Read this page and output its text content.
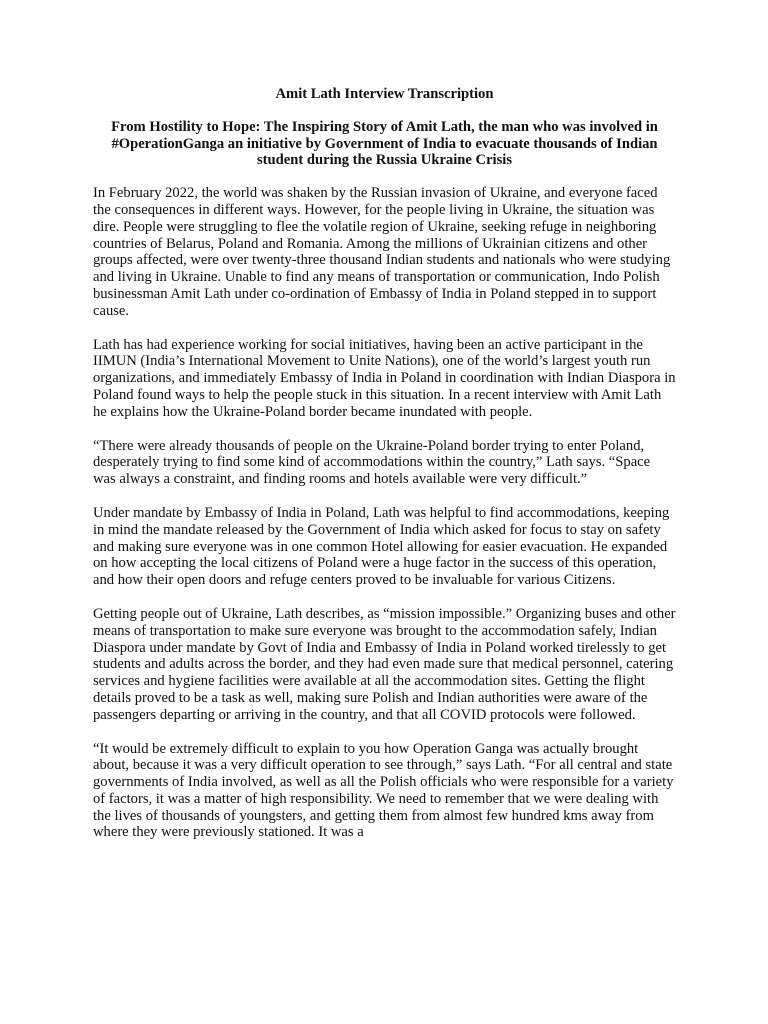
Amit Lath Interview Transcription
From Hostility to Hope: The Inspiring Story of Amit Lath, the man who was involved in #OperationGanga an initiative by Government of India to evacuate thousands of Indian student during the Russia Ukraine Crisis

In February 2022, the world was shaken by the Russian invasion of Ukraine, and everyone faced the consequences in different ways. However, for the people living in Ukraine, the situation was dire. People were struggling to flee the volatile region of Ukraine, seeking refuge in neighboring countries of Belarus, Poland and Romania. Among the millions of Ukrainian citizens and other groups affected, were over twenty-three thousand Indian students and nationals who were studying and living in Ukraine. Unable to find any means of transportation or communication, Indo Polish businessman Amit Lath under co-ordination of Embassy of India in Poland stepped in to support cause.

Lath has had experience working for social initiatives, having been an active participant in the IIMUN (India’s International Movement to Unite Nations), one of the world’s largest youth run organizations, and immediately Embassy of India in Poland in coordination with Indian Diaspora in Poland found ways to help the people stuck in this situation. In a recent interview with Amit Lath he explains how the Ukraine-Poland border became inundated with people.

“There were already thousands of people on the Ukraine-Poland border trying to enter Poland, desperately trying to find some kind of accommodations within the country,” Lath says. “Space was always a constraint, and finding rooms and hotels available were very difficult.”

Under mandate by Embassy of India in Poland, Lath was helpful to find accommodations, keeping in mind the mandate released by the Government of India which asked for focus to stay on safety and making sure everyone was in one common Hotel allowing for easier evacuation. He expanded on how accepting the local citizens of Poland were a huge factor in the success of this operation, and how their open doors and refuge centers proved to be invaluable for various Citizens.

Getting people out of Ukraine, Lath describes, as “mission impossible.” Organizing buses and other means of transportation to make sure everyone was brought to the accommodation safely, Indian Diaspora under mandate by Govt of India and Embassy of India in Poland worked tirelessly to get students and adults across the border, and they had even made sure that medical personnel, catering services and hygiene facilities were available at all the accommodation sites. Getting the flight details proved to be a task as well, making sure Polish and Indian authorities were aware of the passengers departing or arriving in the country, and that all COVID protocols were followed.

“It would be extremely difficult to explain to you how Operation Ganga was actually brought about, because it was a very difficult operation to see through,” says Lath. “For all central and state governments of India involved, as well as all the Polish officials who were responsible for a variety of factors, it was a matter of high responsibility. We need to remember that we were dealing with the lives of thousands of youngsters, and getting them from almost few hundred kms away from where they were previously stationed. It was a
